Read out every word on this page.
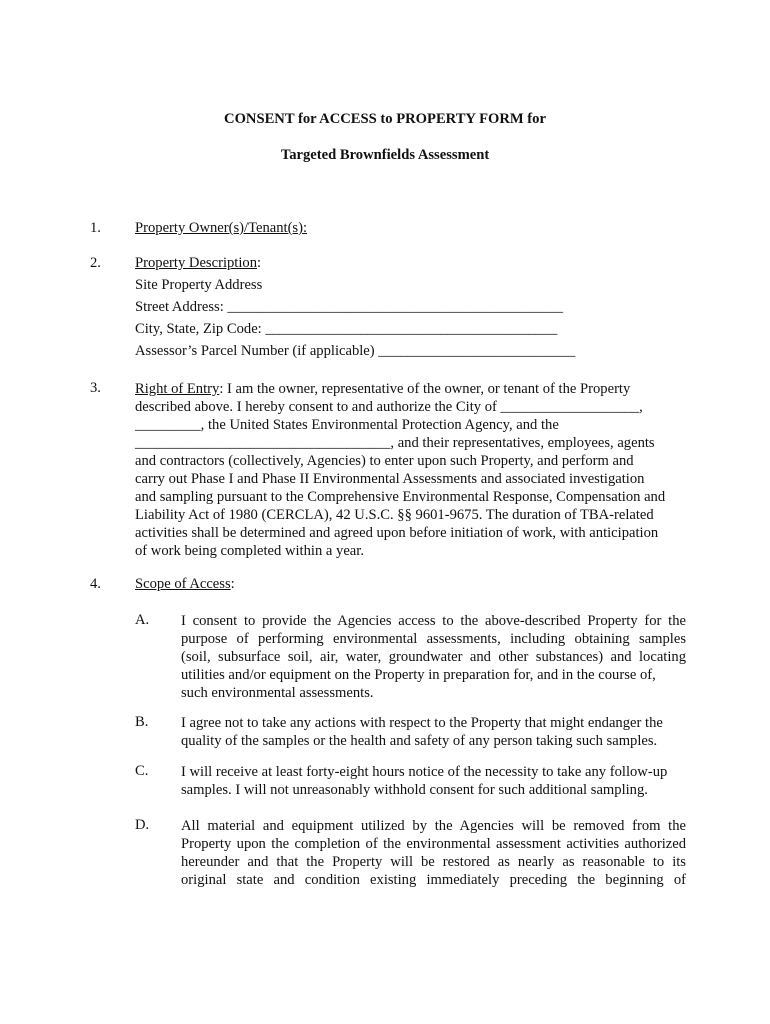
CONSENT for ACCESS to PROPERTY FORM for
Targeted Brownfields Assessment
1. Property Owner(s)/Tenant(s):
2. Property Description:
Site Property Address
Street Address: ______________________________________________
City, State, Zip Code: ________________________________________
Assessor’s Parcel Number (if applicable) ___________________________
3. Right of Entry: I am the owner, representative of the owner, or tenant of the Property
described above. I hereby consent to and authorize the City of ___________________,
_________, the United States Environmental Protection Agency, and the
___________________________________, and their representatives, employees, agents
and contractors (collectively, Agencies) to enter upon such Property, and perform and
carry out Phase I and Phase II Environmental Assessments and associated investigation
and sampling pursuant to the Comprehensive Environmental Response, Compensation and
Liability Act of 1980 (CERCLA), 42 U.S.C. §§ 9601-9675. The duration of TBA-related
activities shall be determined and agreed upon before initiation of work, with anticipation
of work being completed within a year.
4. Scope of Access:
A. I consent to provide the Agencies access to the above-described Property for the
purpose of performing environmental assessments, including obtaining samples
(soil, subsurface soil, air, water, groundwater and other substances) and locating
utilities and/or equipment on the Property in preparation for, and in the course of,
such environmental assessments.
B. I agree not to take any actions with respect to the Property that might endanger the
quality of the samples or the health and safety of any person taking such samples.
C. I will receive at least forty-eight hours notice of the necessity to take any follow-up
samples. I will not unreasonably withhold consent for such additional sampling.
D. All material and equipment utilized by the Agencies will be removed from the
Property upon the completion of the environmental assessment activities authorized
hereunder and that the Property will be restored as nearly as reasonable to its
original state and condition existing immediately preceding the beginning of
